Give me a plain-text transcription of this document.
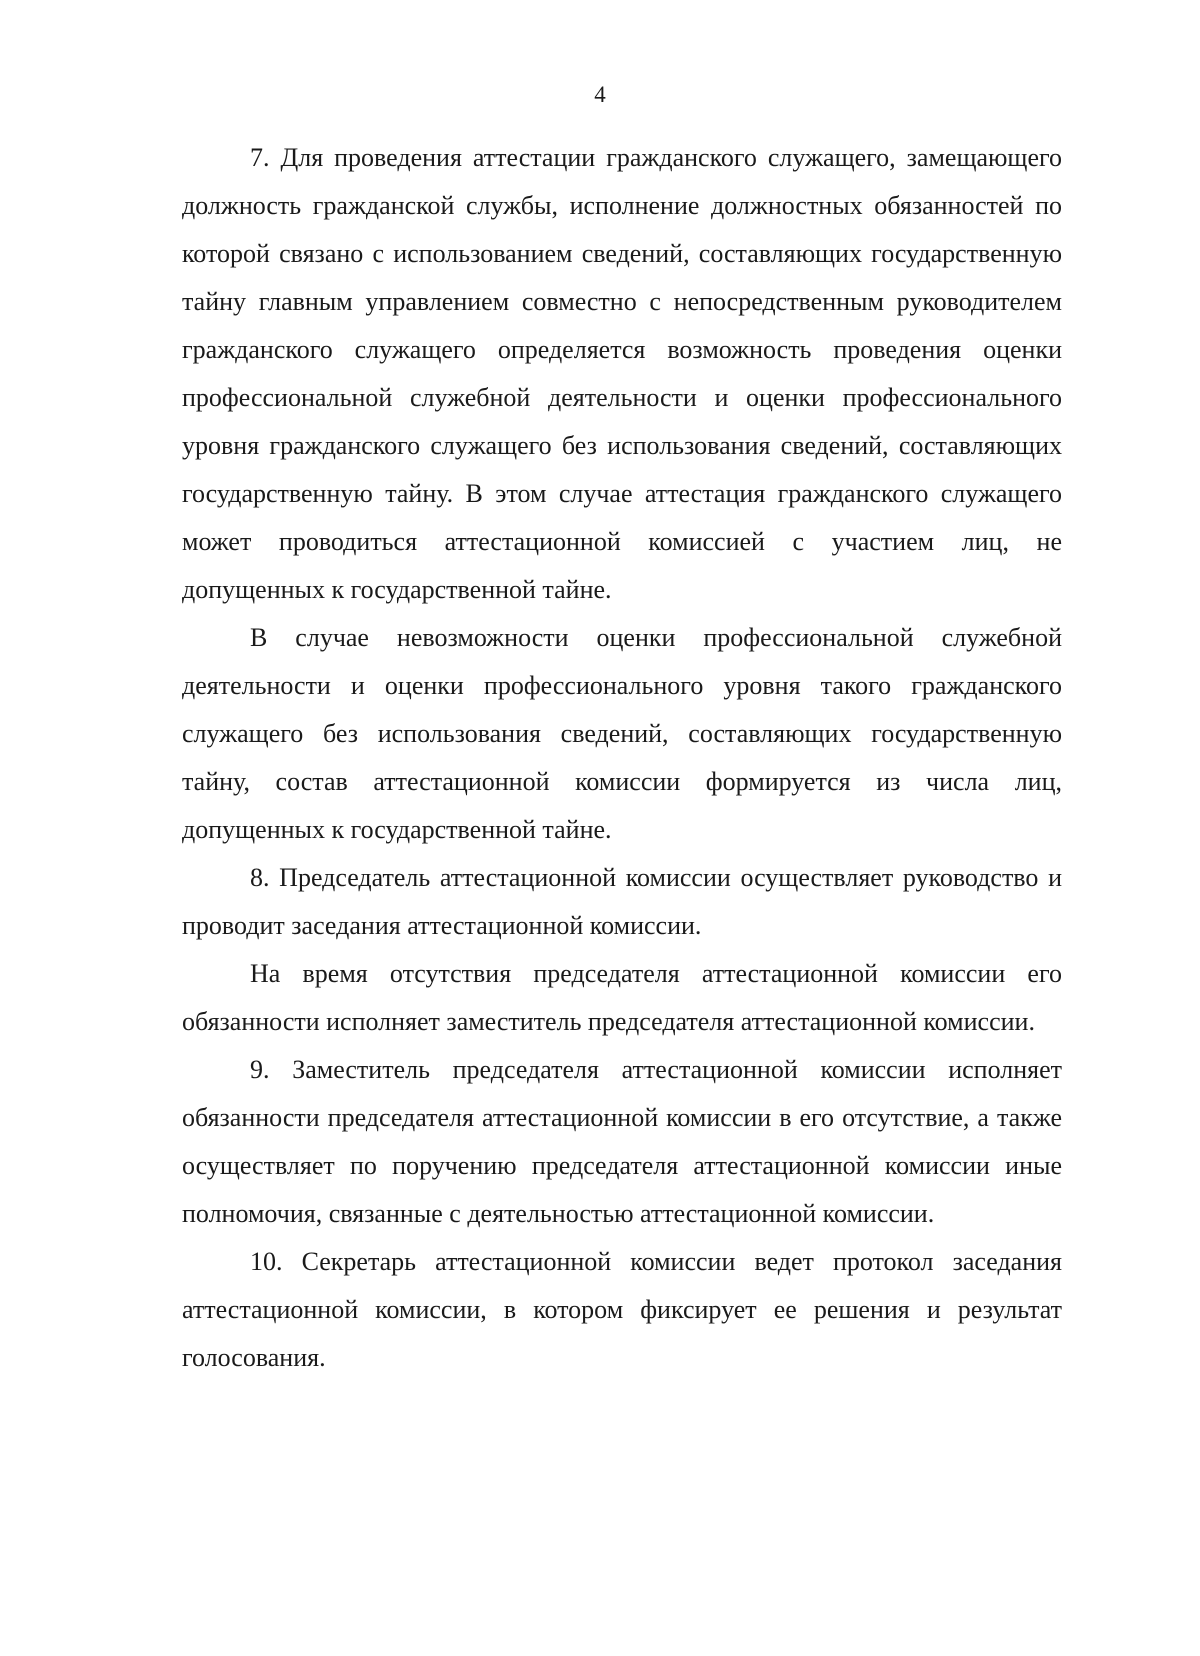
4

7. Для проведения аттестации гражданского служащего, замещающего должность гражданской службы, исполнение должностных обязанностей по которой связано с использованием сведений, составляющих государственную тайну главным управлением совместно с непосредственным руководителем гражданского служащего определяется возможность проведения оценки профессиональной служебной деятельности и оценки профессионального уровня гражданского служащего без использования сведений, составляющих государственную тайну. В этом случае аттестация гражданского служащего может проводиться аттестационной комиссией с участием лиц, не допущенных к государственной тайне.

В случае невозможности оценки профессиональной служебной деятельности и оценки профессионального уровня такого гражданского служащего без использования сведений, составляющих государственную тайну, состав аттестационной комиссии формируется из числа лиц, допущенных к государственной тайне.

8. Председатель аттестационной комиссии осуществляет руководство и проводит заседания аттестационной комиссии.

На время отсутствия председателя аттестационной комиссии его обязанности исполняет заместитель председателя аттестационной комиссии.

9. Заместитель председателя аттестационной комиссии исполняет обязанности председателя аттестационной комиссии в его отсутствие, а также осуществляет по поручению председателя аттестационной комиссии иные полномочия, связанные с деятельностью аттестационной комиссии.

10. Секретарь аттестационной комиссии ведет протокол заседания аттестационной комиссии, в котором фиксирует ее решения и результат голосования.
